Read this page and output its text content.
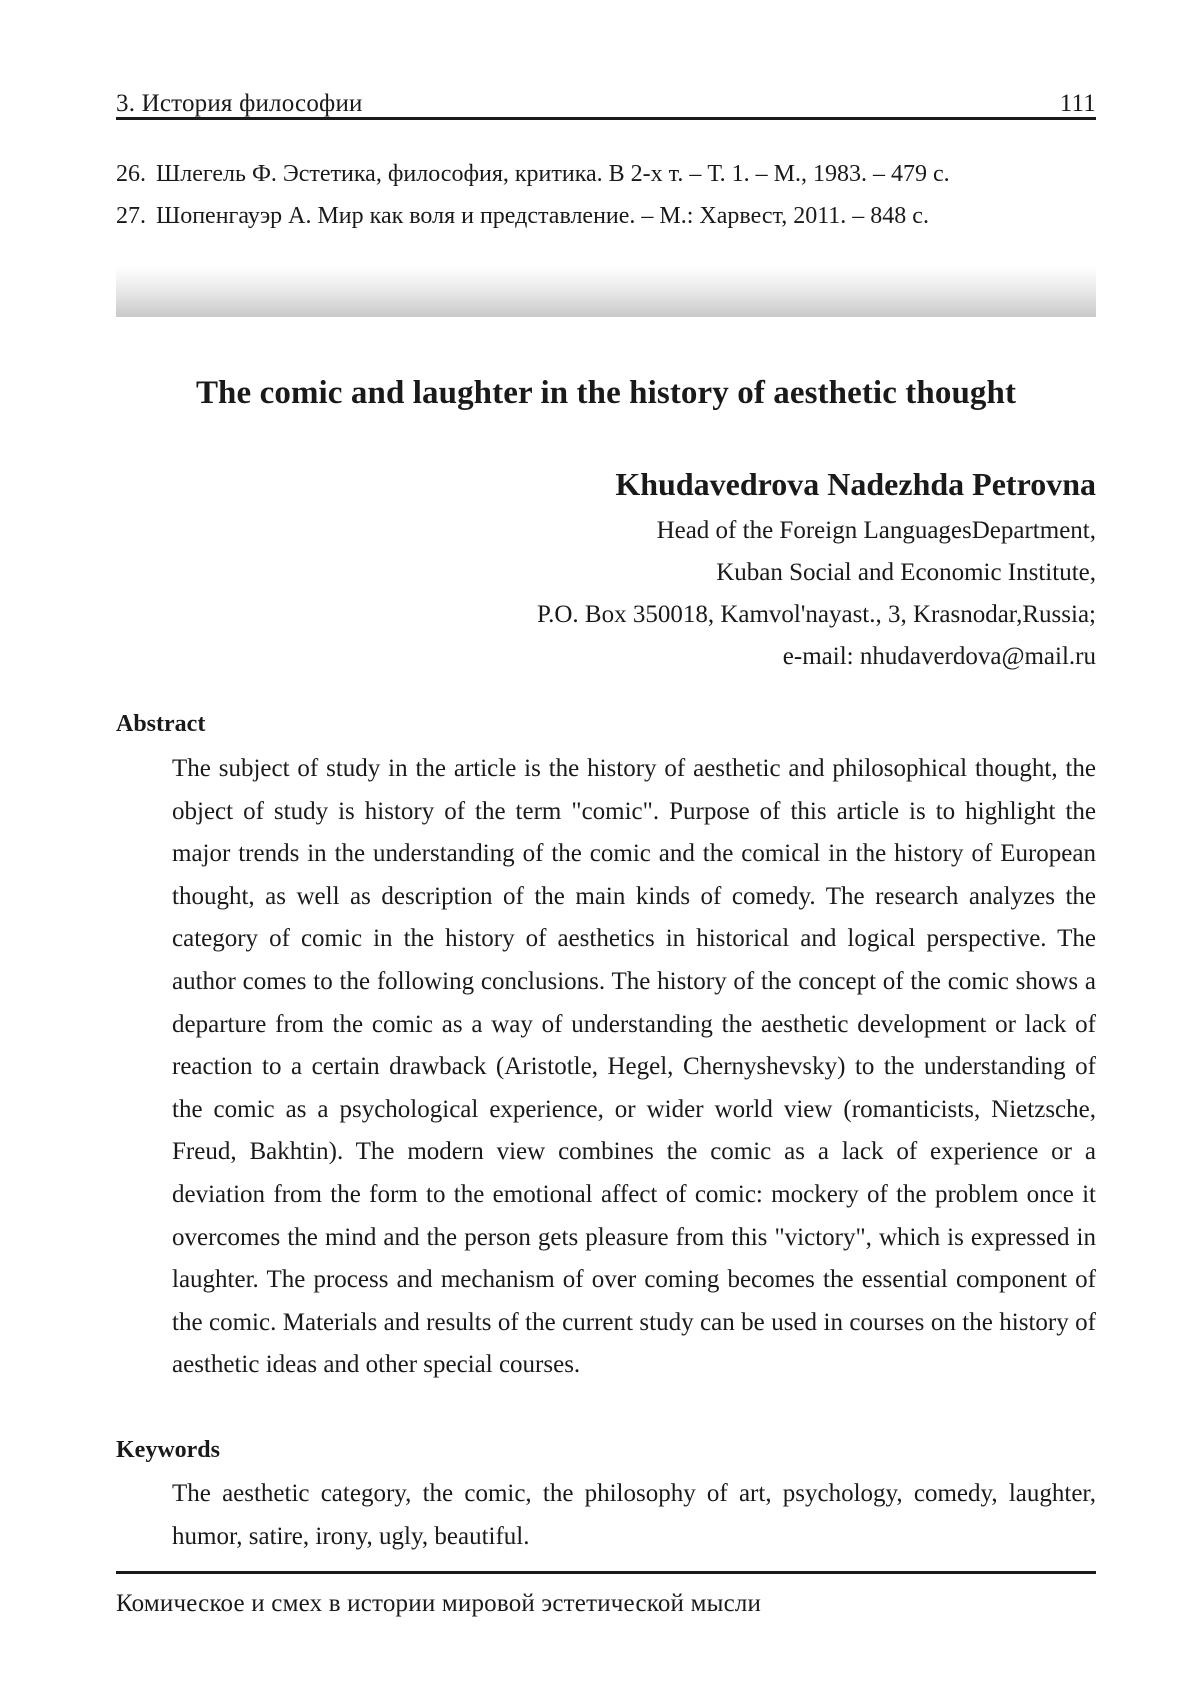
3. История философии	111
26. Шлегель Ф. Эстетика, философия, критика. В 2-х т. – Т. 1. – М., 1983. – 479 с.
27. Шопенгауэр А. Мир как воля и представление. – М.: Харвест, 2011. – 848 с.
The comic and laughter in the history of aesthetic thought
Khudavedrova Nadezhda Petrovna
Head of the Foreign LanguagesDepartment,
Kuban Social and Economic Institute,
P.O. Box 350018, Kamvol'nayast., 3, Krasnodar,Russia;
e-mail: nhudaverdova@mail.ru
Abstract
The subject of study in the article is the history of aesthetic and philosophical thought, the object of study is history of the term "comic". Purpose of this article is to highlight the major trends in the understanding of the comic and the comical in the history of European thought, as well as description of the main kinds of comedy. The research analyzes the category of comic in the history of aesthetics in historical and logical perspective. The author comes to the following conclusions. The history of the concept of the comic shows a departure from the comic as a way of understanding the aesthetic development or lack of reaction to a certain drawback (Aristotle, Hegel, Chernyshevsky) to the understanding of the comic as a psychological experience, or wider world view (romanticists, Nietzsche, Freud, Bakhtin). The modern view combines the comic as a lack of experience or a deviation from the form to the emotional affect of comic: mockery of the problem once it overcomes the mind and the person gets pleasure from this "victory", which is expressed in laughter. The process and mechanism of over coming becomes the essential component of the comic. Materials and results of the current study can be used in courses on the history of aesthetic ideas and other special courses.
Keywords
The aesthetic category, the comic, the philosophy of art, psychology, comedy, laughter, humor, satire, irony, ugly, beautiful.
Комическое и смех в истории мировой эстетической мысли
